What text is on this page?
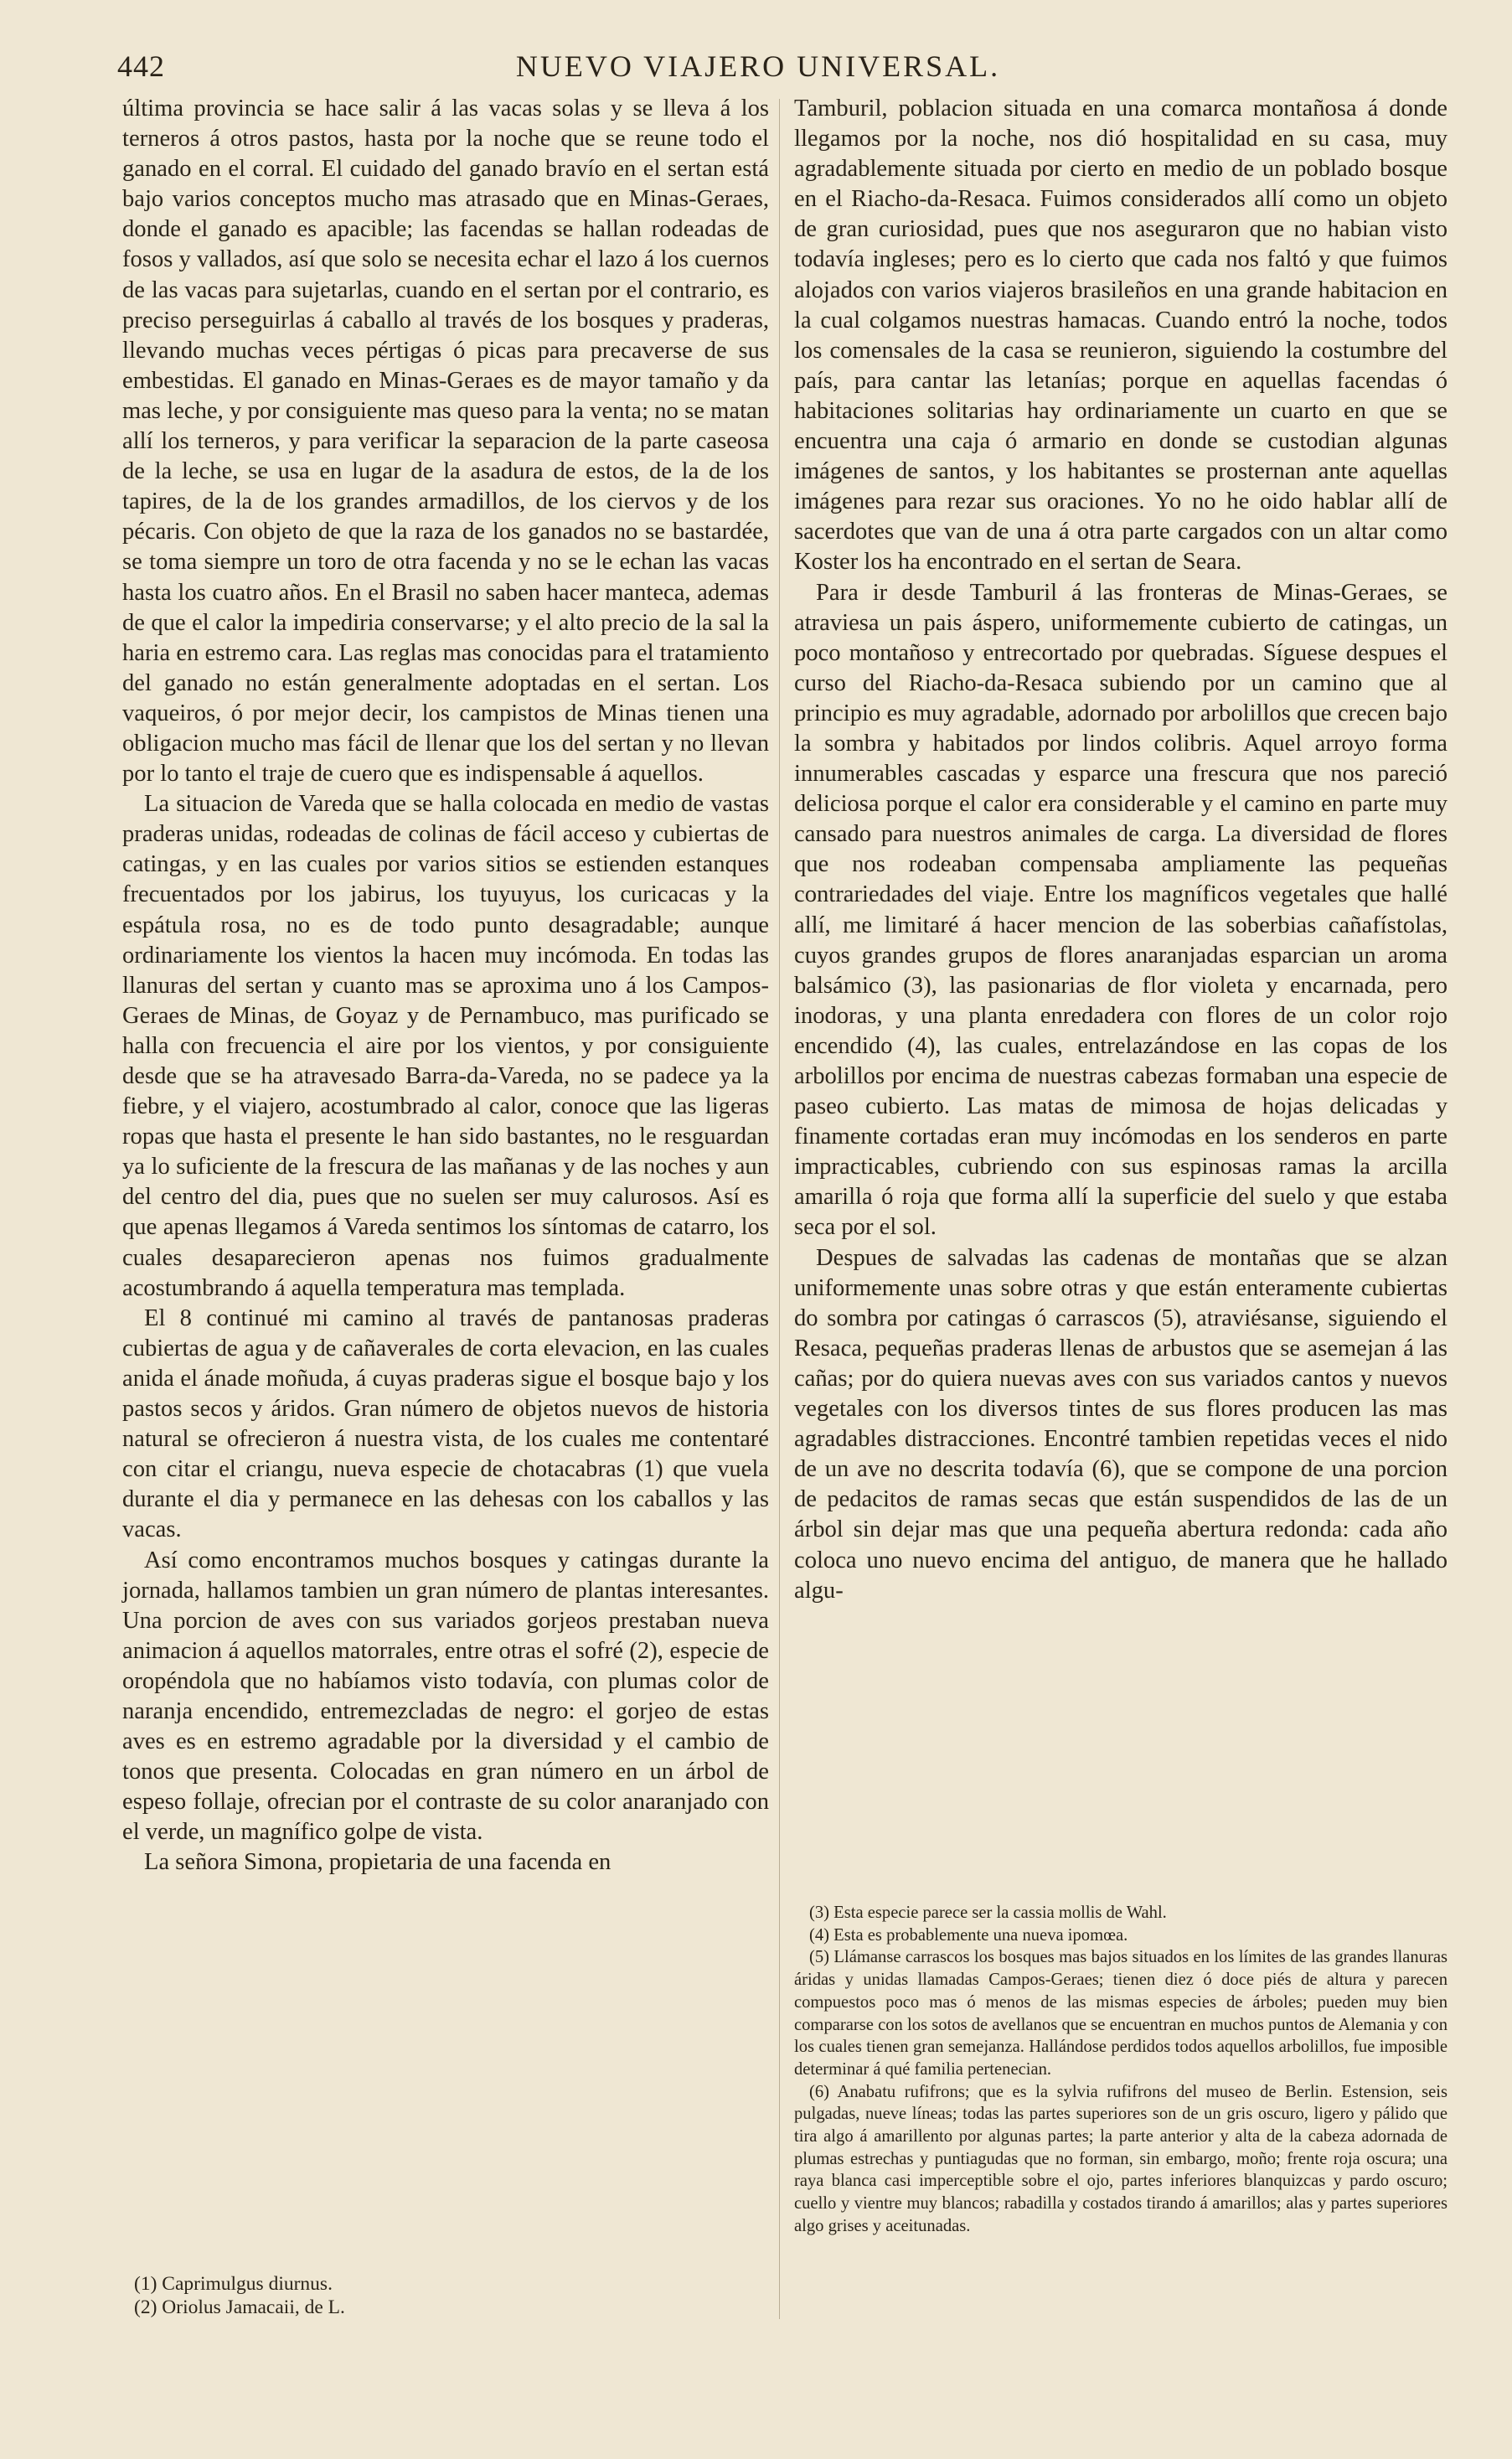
442	NUEVO VIAJERO UNIVERSAL.

última provincia se hace salir á las vacas solas y se lleva á los terneros á otros pastos, hasta por la noche que se reune todo el ganado en el corral. El cuidado del ganado bravío en el sertan está bajo varios conceptos mucho mas atrasado que en Minas-Geraes, donde el ganado es apacible; las facendas se hallan rodeadas de fosos y vallados, así que solo se necesita echar el lazo á los cuernos de las vacas para sujetarlas, cuando en el sertan por el contrario, es preciso perseguirlas á caballo al través de los bosques y praderas, llevando muchas veces pértigas ó picas para precaverse de sus embestidas. El ganado en Minas-Geraes es de mayor tamaño y da mas leche, y por consiguiente mas queso para la venta; no se matan allí los terneros, y para verificar la separacion de la parte caseosa de la leche, se usa en lugar de la asadura de estos, de la de los tapires, de la de los grandes armadillos, de los ciervos y de los pécaris. Con objeto de que la raza de los ganados no se bastardée, se toma siempre un toro de otra facenda y no se le echan las vacas hasta los cuatro años. En el Brasil no saben hacer manteca, ademas de que el calor la impediria conservarse; y el alto precio de la sal la haria en estremo cara. Las reglas mas conocidas para el tratamiento del ganado no están generalmente adoptadas en el sertan. Los vaqueiros, ó por mejor decir, los campistos de Minas tienen una obligacion mucho mas fácil de llenar que los del sertan y no llevan por lo tanto el traje de cuero que es indispensable á aquellos.

La situacion de Vareda que se halla colocada en medio de vastas praderas unidas, rodeadas de colinas de fácil acceso y cubiertas de catingas, y en las cuales por varios sitios se estienden estanques frecuentados por los jabirus, los tuyuyus, los curicacas y la espátula rosa, no es de todo punto desagradable; aunque ordinariamente los vientos la hacen muy incómoda. En todas las llanuras del sertan y cuanto mas se aproxima uno á los Campos-Geraes de Minas, de Goyaz y de Pernambuco, mas purificado se halla con frecuencia el aire por los vientos, y por consiguiente desde que se ha atravesado Barra-da-Vareda, no se padece ya la fiebre, y el viajero, acostumbrado al calor, conoce que las ligeras ropas que hasta el presente le han sido bastantes, no le resguardan ya lo suficiente de la frescura de las mañanas y de las noches y aun del centro del dia, pues que no suelen ser muy calurosos. Así es que apenas llegamos á Vareda sentimos los síntomas de catarro, los cuales desaparecieron apenas nos fuimos gradualmente acostumbrando á aquella temperatura mas templada.

El 8 continué mi camino al través de pantanosas praderas cubiertas de agua y de cañaverales de corta elevacion, en las cuales anida el ánade moñuda, á cuyas praderas sigue el bosque bajo y los pastos secos y áridos. Gran número de objetos nuevos de historia natural se ofrecieron á nuestra vista, de los cuales me contentaré con citar el criangu, nueva especie de chotacabras (1) que vuela durante el dia y permanece en las dehesas con los caballos y las vacas.

Así como encontramos muchos bosques y catingas durante la jornada, hallamos tambien un gran número de plantas interesantes. Una porcion de aves con sus variados gorjeos prestaban nueva animacion á aquellos matorrales, entre otras el sofré (2), especie de oropéndola que no habíamos visto todavía, con plumas color de naranja encendido, entremezcladas de negro: el gorjeo de estas aves es en estremo agradable por la diversidad y el cambio de tonos que presenta. Colocadas en gran número en un árbol de espeso follaje, ofrecian por el contraste de su color anaranjado con el verde, un magnífico golpe de vista.

La señora Simona, propietaria de una facenda en

Tamburil, poblacion situada en una comarca montañosa á donde llegamos por la noche, nos dió hospitalidad en su casa, muy agradablemente situada por cierto en medio de un poblado bosque en el Riacho-da-Resaca. Fuimos considerados allí como un objeto de gran curiosidad, pues que nos aseguraron que no habian visto todavía ingleses; pero es lo cierto que cada nos faltó y que fuimos alojados con varios viajeros brasileños en una grande habitacion en la cual colgamos nuestras hamacas. Cuando entró la noche, todos los comensales de la casa se reunieron, siguiendo la costumbre del país, para cantar las letanías; porque en aquellas facendas ó habitaciones solitarias hay ordinariamente un cuarto en que se encuentra una caja ó armario en donde se custodian algunas imágenes de santos, y los habitantes se prosternan ante aquellas imágenes para rezar sus oraciones. Yo no he oido hablar allí de sacerdotes que van de una á otra parte cargados con un altar como Koster los ha encontrado en el sertan de Seara.

Para ir desde Tamburil á las fronteras de Minas-Geraes, se atraviesa un pais áspero, uniformemente cubierto de catingas, un poco montañoso y entrecortado por quebradas. Síguese despues el curso del Riacho-da-Resaca subiendo por un camino que al principio es muy agradable, adornado por arbolillos que crecen bajo la sombra y habitados por lindos colibris. Aquel arroyo forma innumerables cascadas y esparce una frescura que nos pareció deliciosa porque el calor era considerable y el camino en parte muy cansado para nuestros animales de carga. La diversidad de flores que nos rodeaban compensaba ampliamente las pequeñas contrariedades del viaje. Entre los magníficos vegetales que hallé allí, me limitaré á hacer mencion de las soberbias cañafístolas, cuyos grandes grupos de flores anaranjadas esparcian un aroma balsámico (3), las pasionarias de flor violeta y encarnada, pero inodoras, y una planta enredadera con flores de un color rojo encendido (4), las cuales, entrelazándose en las copas de los arbolillos por encima de nuestras cabezas formaban una especie de paseo cubierto. Las matas de mimosa de hojas delicadas y finamente cortadas eran muy incómodas en los senderos en parte impracticables, cubriendo con sus espinosas ramas la arcilla amarilla ó roja que forma allí la superficie del suelo y que estaba seca por el sol.

Despues de salvadas las cadenas de montañas que se alzan uniformemente unas sobre otras y que están enteramente cubiertas do sombra por catingas ó carrascos (5), atraviésanse, siguiendo el Resaca, pequeñas praderas llenas de arbustos que se asemejan á las cañas; por do quiera nuevas aves con sus variados cantos y nuevos vegetales con los diversos tintes de sus flores producen las mas agradables distracciones. Encontré tambien repetidas veces el nido de un ave no descrita todavía (6), que se compone de una porcion de pedacitos de ramas secas que están suspendidos de las de un árbol sin dejar mas que una pequeña abertura redonda: cada año coloca uno nuevo encima del antiguo, de manera que he hallado algu-

(1) Caprimulgus diurnus.

(2) Oriolus Jamacaii, de L.

(3) Esta especie parece ser la cassia mollis de Wahl.

(4) Esta es probablemente una nueva ipomœa.

(5) Llámanse carrascos los bosques mas bajos situados en los límites de las grandes llanuras áridas y unidas llamadas Campos-Geraes; tienen diez ó doce piés de altura y parecen compuestos poco mas ó menos de las mismas especies de árboles; pueden muy bien compararse con los sotos de avellanos que se encuentran en muchos puntos de Alemania y con los cuales tienen gran semejanza. Hallándose perdidos todos aquellos arbolillos, fue imposible determinar á qué familia pertenecian.

(6) Anabatu rufifrons; que es la sylvia rufifrons del museo de Berlin. Estension, seis pulgadas, nueve líneas; todas las partes superiores son de un gris oscuro, ligero y pálido que tira algo á amarillento por algunas partes; la parte anterior y alta de la cabeza adornada de plumas estrechas y puntiagudas que no forman, sin embargo, moño; frente roja oscura; una raya blanca casi imperceptible sobre el ojo, partes inferiores blanquizcas y pardo oscuro; cuello y vientre muy blancos; rabadilla y costados tirando á amarillos; alas y partes superiores algo grises y aceitunadas.
